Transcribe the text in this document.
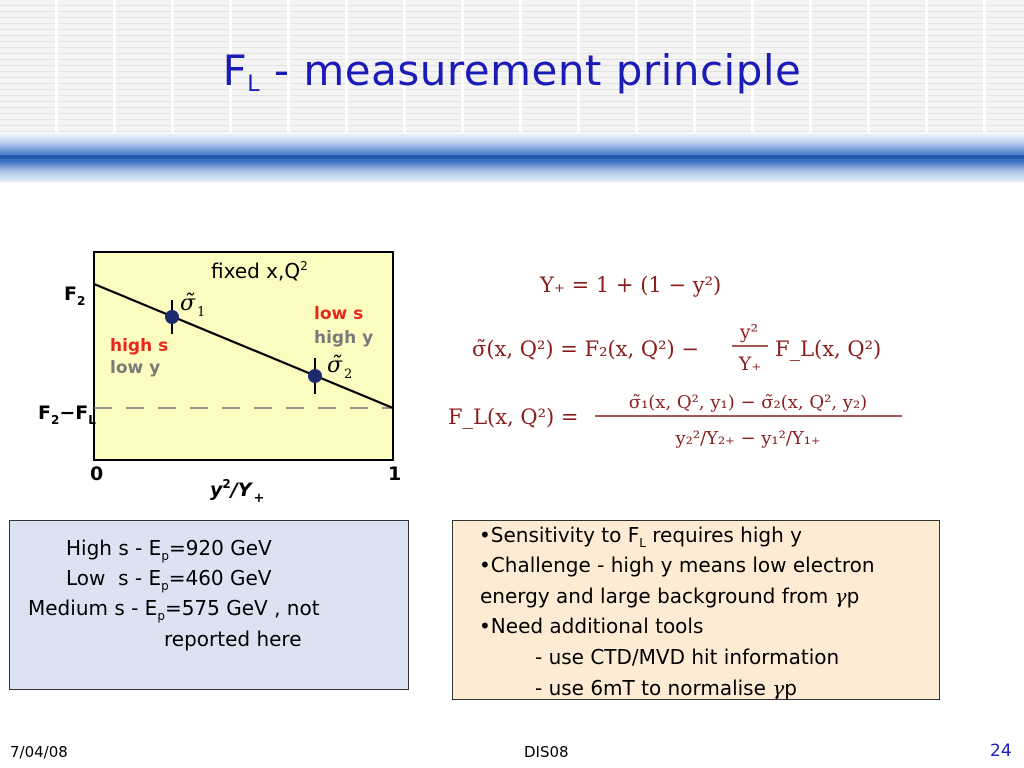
$F_L$ - measurement principle
fixed $x,Q^2$
σ̃ $_1$
σ̃ $_2$
high s
low y
low s
high y
$F_2$
$F_2-F_L$
0	1
$y^2/Y$ $_+$
Y₊ = 1 + (1 − y²)
σ̃(x, Q²) = F₂(x, Q²) −
y²
Y₊
F_L(x, Q²)
F_L(x, Q²) =
σ̃₁(x, Q², y₁) − σ̃₂(x, Q², y₂)
y₂²/Y₂₊ − y₁²/Y₁₊
High $s - E_p=920$ GeV
Low  $s - E_p=460$ GeV
Medium $s - E_p=575$ GeV , not
reported here
•Sensitivity to $F_L$ requires high y
•Challenge - high y means low electron
energy and large background from γp
•Need additional tools
- use CTD/MVD hit information
- use 6mT to normalise γp
7/04/08	DIS08	24
